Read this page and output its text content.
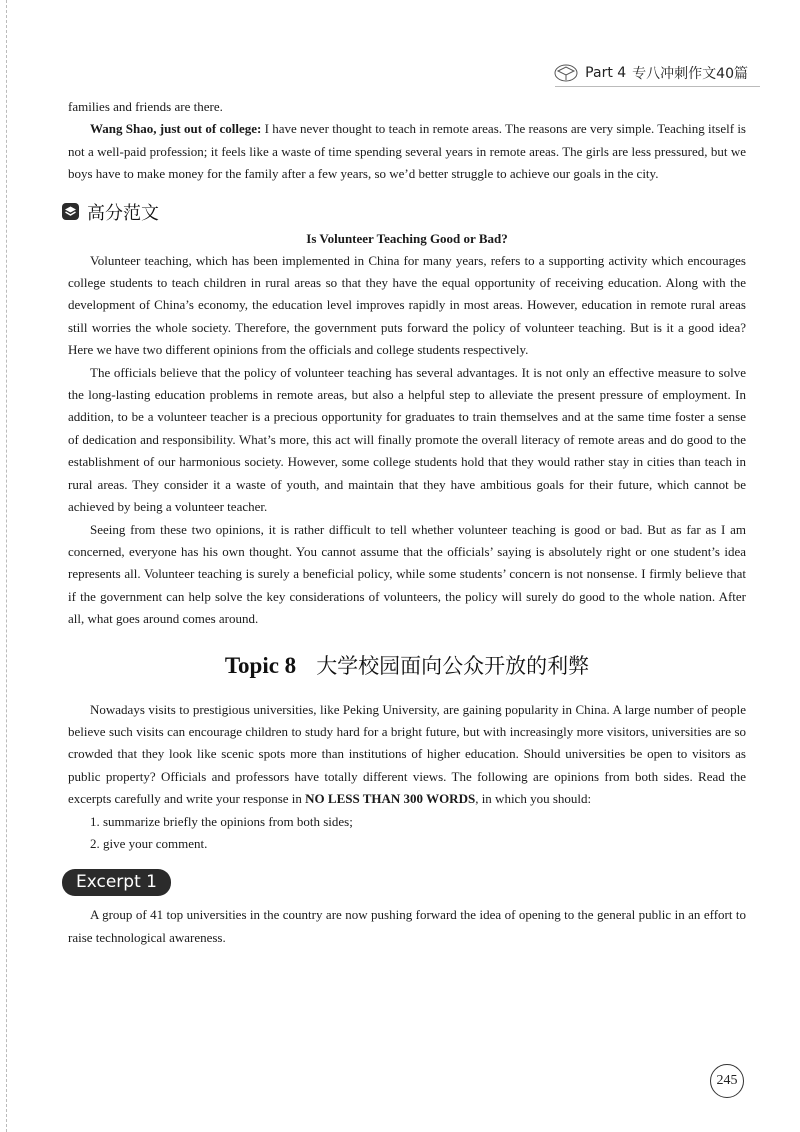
Part 4 专八冲刺作文40篇

families and friends are there.

Wang Shao, just out of college: I have never thought to teach in remote areas. The reasons are very simple. Teaching itself is not a well-paid profession; it feels like a waste of time spending several years in remote areas. The girls are less pressured, but we boys have to make money for the family after a few years, so we’d better struggle to achieve our goals in the city.

高分范文

Is Volunteer Teaching Good or Bad?

Volunteer teaching, which has been implemented in China for many years, refers to a supporting activity which encourages college students to teach children in rural areas so that they have the equal opportunity of receiving education. Along with the development of China’s economy, the education level improves rapidly in most areas. However, education in remote rural areas still worries the whole society. Therefore, the government puts forward the policy of volunteer teaching. But is it a good idea? Here we have two different opinions from the officials and college students respectively.

The officials believe that the policy of volunteer teaching has several advantages. It is not only an effective measure to solve the long-lasting education problems in remote areas, but also a helpful step to alleviate the present pressure of employment. In addition, to be a volunteer teacher is a precious opportunity for graduates to train themselves and at the same time foster a sense of dedication and responsibility. What’s more, this act will finally promote the overall literacy of remote areas and do good to the establishment of our harmonious society. However, some college students hold that they would rather stay in cities than teach in rural areas. They consider it a waste of youth, and maintain that they have ambitious goals for their future, which cannot be achieved by being a volunteer teacher.

Seeing from these two opinions, it is rather difficult to tell whether volunteer teaching is good or bad. But as far as I am concerned, everyone has his own thought. You cannot assume that the officials’ saying is absolutely right or one student’s idea represents all. Volunteer teaching is surely a beneficial policy, while some students’ concern is not nonsense. I firmly believe that if the government can help solve the key considerations of volunteers, the policy will surely do good to the whole nation. After all, what goes around comes around.

Topic 8 大学校园面向公众开放的利弊

Nowadays visits to prestigious universities, like Peking University, are gaining popularity in China. A large number of people believe such visits can encourage children to study hard for a bright future, but with increasingly more visitors, universities are so crowded that they look like scenic spots more than institutions of higher education. Should universities be open to visitors as public property? Officials and professors have totally different views. The following are opinions from both sides. Read the excerpts carefully and write your response in NO LESS THAN 300 WORDS, in which you should:

1. summarize briefly the opinions from both sides;

2. give your comment.

Excerpt 1

A group of 41 top universities in the country are now pushing forward the idea of opening to the general public in an effort to raise technological awareness.

245
